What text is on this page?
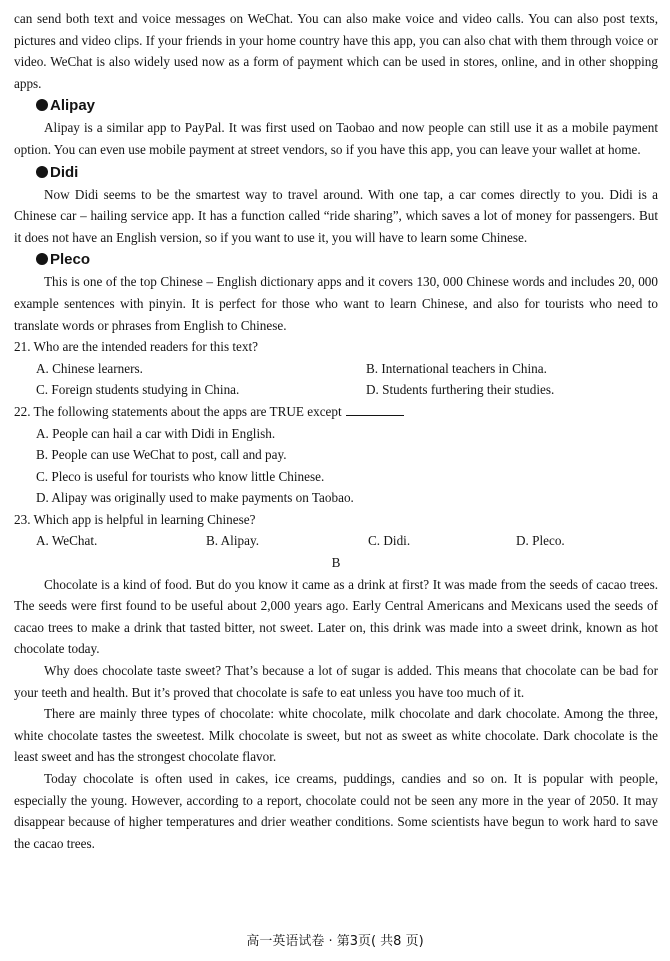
can send both text and voice messages on WeChat. You can also make voice and video calls. You can also post texts, pictures and video clips. If your friends in your home country have this app, you can also chat with them through voice or video. WeChat is also widely used now as a form of payment which can be used in stores, online, and in other shopping apps.

Alipay

Alipay is a similar app to PayPal. It was first used on Taobao and now people can still use it as a mobile payment option. You can even use mobile payment at street vendors, so if you have this app, you can leave your wallet at home.

Didi

Now Didi seems to be the smartest way to travel around. With one tap, a car comes directly to you. Didi is a Chinese car – hailing service app. It has a function called “ride sharing”, which saves a lot of money for passengers. But it does not have an English version, so if you want to use it, you will have to learn some Chinese.

Pleco

This is one of the top Chinese – English dictionary apps and it covers 130, 000 Chinese words and includes 20, 000 example sentences with pinyin. It is perfect for those who want to learn Chinese, and also for tourists who need to translate words or phrases from English to Chinese.

21. Who are the intended readers for this text?
A. Chinese learners.	B. International teachers in China.
C. Foreign students studying in China.	D. Students furthering their studies.
22. The following statements about the apps are TRUE except
A. People can hail a car with Didi in English.
B. People can use WeChat to post, call and pay.
C. Pleco is useful for tourists who know little Chinese.
D. Alipay was originally used to make payments on Taobao.
23. Which app is helpful in learning Chinese?
A. WeChat.	B. Alipay.	C. Didi.	D. Pleco.
B

Chocolate is a kind of food. But do you know it came as a drink at first? It was made from the seeds of cacao trees. The seeds were first found to be useful about 2,000 years ago. Early Central Americans and Mexicans used the seeds of cacao trees to make a drink that tasted bitter, not sweet. Later on, this drink was made into a sweet drink, known as hot chocolate today.

Why does chocolate taste sweet? That’s because a lot of sugar is added. This means that chocolate can be bad for your teeth and health. But it’s proved that chocolate is safe to eat unless you have too much of it.

There are mainly three types of chocolate: white chocolate, milk chocolate and dark chocolate. Among the three, white chocolate tastes the sweetest. Milk chocolate is sweet, but not as sweet as white chocolate. Dark chocolate is the least sweet and has the strongest chocolate flavor.

Today chocolate is often used in cakes, ice creams, puddings, candies and so on. It is popular with people, especially the young. However, according to a report, chocolate could not be seen any more in the year of 2050. It may disappear because of higher temperatures and drier weather conditions. Some scientists have begun to work hard to save the cacao trees.

高一英语试卷 · 第3页( 共8 页)
